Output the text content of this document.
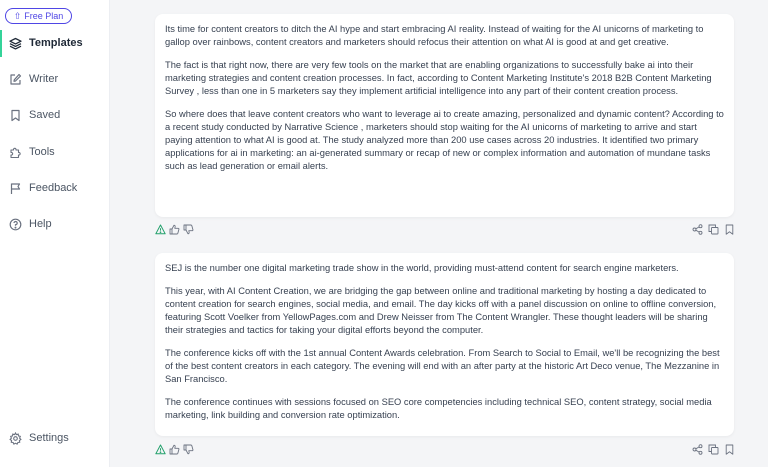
⇧ Free Plan
Templates
Writer
Saved
Tools
Feedback
Help
Settings

Its time for content creators to ditch the AI hype and start embracing AI reality. Instead of waiting for the AI unicorns of marketing to gallop over rainbows, content creators and marketers should refocus their attention on what AI is good at and get creative.

The fact is that right now, there are very few tools on the market that are enabling organizations to successfully bake ai into their marketing strategies and content creation processes. In fact, according to Content Marketing Institute's 2018 B2B Content Marketing Survey , less than one in 5 marketers say they implement artificial intelligence into any part of their content creation process.

So where does that leave content creators who want to leverage ai to create amazing, personalized and dynamic content? According to a recent study conducted by Narrative Science , marketers should stop waiting for the AI unicorns of marketing to arrive and start paying attention to what AI is good at. The study analyzed more than 200 use cases across 20 industries. It identified two primary applications for ai in marketing: an ai-generated summary or recap of new or complex information and automation of mundane tasks such as lead generation or email alerts.

SEJ is the number one digital marketing trade show in the world, providing must-attend content for search engine marketers.

This year, with AI Content Creation, we are bridging the gap between online and traditional marketing by hosting a day dedicated to content creation for search engines, social media, and email. The day kicks off with a panel discussion on online to offline conversion, featuring Scott Voelker from YellowPages.com and Drew Neisser from The Content Wrangler. These thought leaders will be sharing their strategies and tactics for taking your digital efforts beyond the computer.

The conference kicks off with the 1st annual Content Awards celebration. From Search to Social to Email, we'll be recognizing the best of the best content creators in each category. The evening will end with an after party at the historic Art Deco venue, The Mezzanine in San Francisco.

The conference continues with sessions focused on SEO core competencies including technical SEO, content strategy, social media marketing, link building and conversion rate optimization.
